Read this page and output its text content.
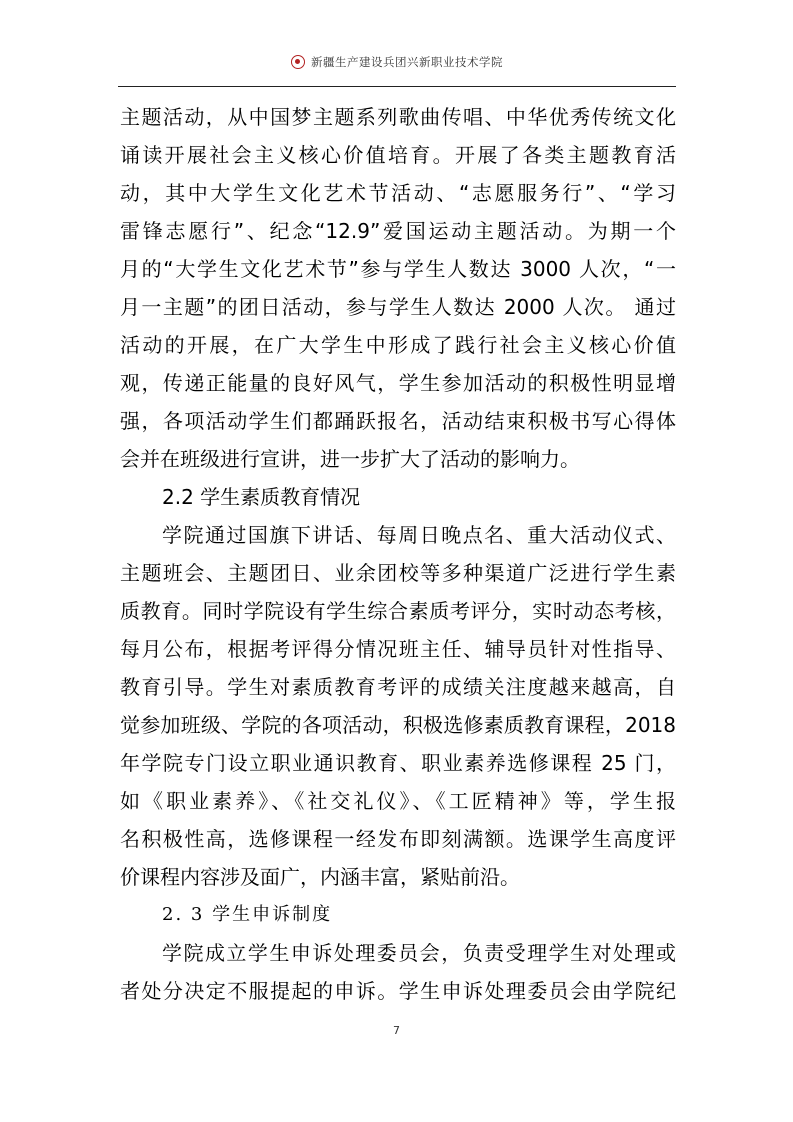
新疆生产建设兵团兴新职业技术学院
主题活动，从中国梦主题系列歌曲传唱、中华优秀传统文化
诵读开展社会主义核心价值培育。开展了各类主题教育活
动，其中大学生文化艺术节活动、“志愿服务行”、“学习
雷锋志愿行”、纪念“12.9”爱国运动主题活动。为期一个
月的“大学生文化艺术节”参与学生人数达 3000 人次，“一
月一主题”的团日活动，参与学生人数达 2000 人次。 通过
活动的开展，在广大学生中形成了践行社会主义核心价值
观，传递正能量的良好风气，学生参加活动的积极性明显增
强，各项活动学生们都踊跃报名，活动结束积极书写心得体
会并在班级进行宣讲，进一步扩大了活动的影响力。
2.2 学生素质教育情况
学院通过国旗下讲话、每周日晚点名、重大活动仪式、
主题班会、主题团日、业余团校等多种渠道广泛进行学生素
质教育。同时学院设有学生综合素质考评分，实时动态考核，
每月公布，根据考评得分情况班主任、辅导员针对性指导、
教育引导。学生对素质教育考评的成绩关注度越来越高，自
觉参加班级、学院的各项活动，积极选修素质教育课程，2018
年学院专门设立职业通识教育、职业素养选修课程 25 门，
如《职业素养》、《社交礼仪》、《工匠精神》等，学生报
名积极性高，选修课程一经发布即刻满额。选课学生高度评
价课程内容涉及面广，内涵丰富，紧贴前沿。
2. 3 学生申诉制度
学院成立学生申诉处理委员会，负责受理学生对处理或
者处分决定不服提起的申诉。学生申诉处理委员会由学院纪
7
